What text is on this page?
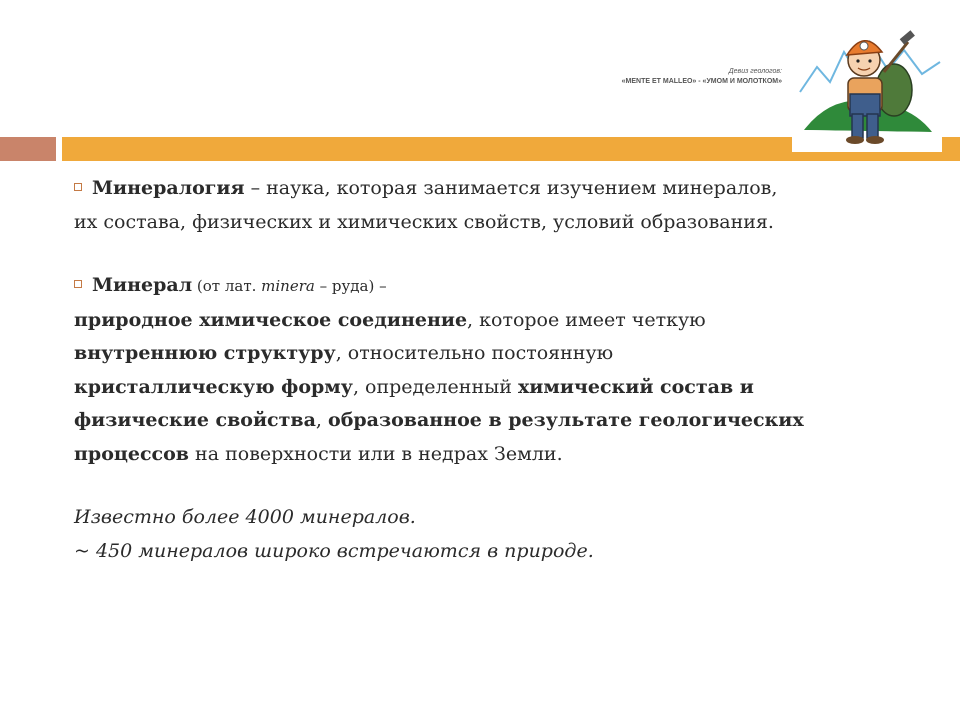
Девиз геологов:
«MENTE ET MALLEO» - «УМОМ И МОЛОТКОМ»

Минералогия – наука, которая занимается изучением минералов, их состава, физических и химических свойств, условий образования.

Минерал (от лат. minera – руда) –
природное химическое соединение, которое имеет четкую внутреннюю структуру, относительно постоянную кристаллическую форму, определенный химический состав и физические свойства, образованное в результате геологических процессов на поверхности или в недрах Земли.

Известно более 4000 минералов.

~ 450 минералов широко встречаются в природе.
